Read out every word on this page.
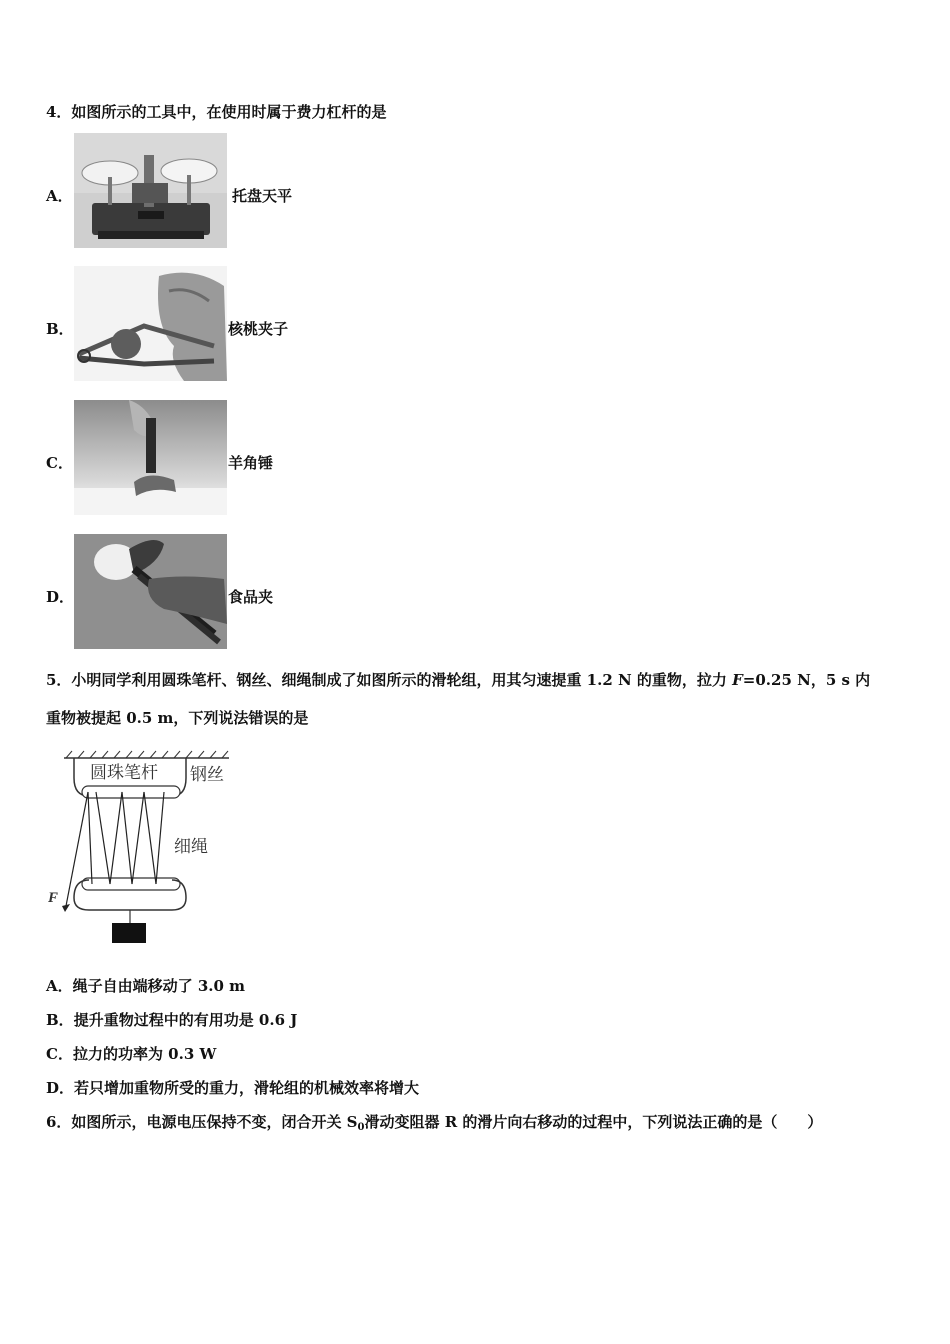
4．如图所示的工具中，在使用时属于费力杠杆的是
A．	托盘天平
B．	核桃夹子
C．	羊角锤
D．	食品夹
5．小明同学利用圆珠笔杆、钢丝、细绳制成了如图所示的滑轮组，用其匀速提重 1.2 N 的重物，拉力 F=0.25 N，5 s 内
重物被提起 0.5 m，下列说法错误的是
圆珠笔杆 钢丝
细绳
F
A．绳子自由端移动了 3.0 m
B．提升重物过程中的有用功是 0.6 J
C．拉力的功率为 0.3 W
D．若只增加重物所受的重力，滑轮组的机械效率将增大
6．如图所示，电源电压保持不变，闭合开关 $S_0$滑动变阻器 R 的滑片向右移动的过程中，下列说法正确的是（　　）
